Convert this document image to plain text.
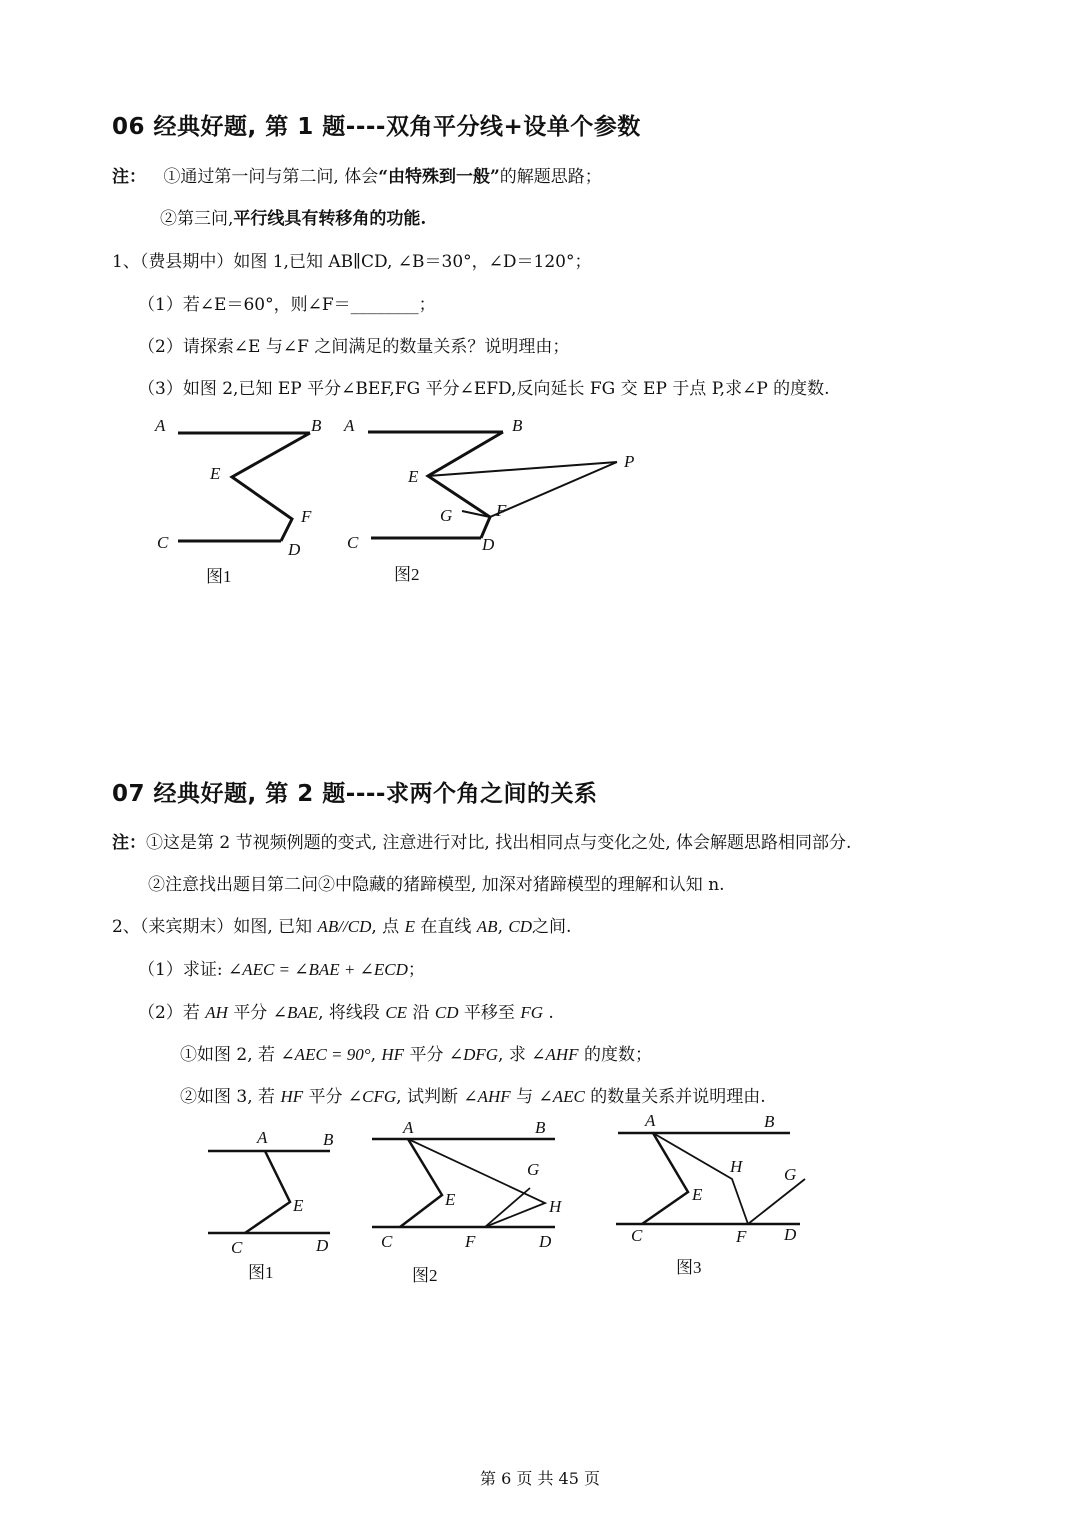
06 经典好题, 第 1 题----双角平分线+设单个参数
注： ①通过第一问与第二问, 体会“由特殊到一般”的解题思路；
②第三问,平行线具有转移角的功能.
1、（费县期中）如图 1,已知 AB∥CD, ∠B＝30°，∠D＝120°；
（1）若∠E＝60°，则∠F＝________；
（2）请探索∠E 与∠F 之间满足的数量关系？说明理由；
（3）如图 2,已知 EP 平分∠BEF,FG 平分∠EFD,反向延长 FG 交 EP 于点 P,求∠P 的度数.
A	B
E
F
C	D
图1
A	B
E
P
G	F
C	D
图2
07 经典好题, 第 2 题----求两个角之间的关系
注：①这是第 2 节视频例题的变式, 注意进行对比, 找出相同点与变化之处, 体会解题思路相同部分.
②注意找出题目第二问②中隐藏的猪蹄模型, 加深对猪蹄模型的理解和认知 n.
2、（来宾期末）如图, 已知 AB//CD, 点 E 在直线 AB, CD之间.
（1）求证: ∠AEC = ∠BAE + ∠ECD；
（2）若 AH 平分 ∠BAE, 将线段 CE 沿 CD 平移至 FG .
①如图 2, 若 ∠AEC = 90°, HF 平分 ∠DFG, 求 ∠AHF 的度数；
②如图 3, 若 HF 平分 ∠CFG, 试判断 ∠AHF 与 ∠AEC 的数量关系并说明理由.
A	B
E
C	D
图1
A	B
G
E	H
C	F	D
图2
A	B
H G
E
C	F D
图3
第 6 页 共 45 页
